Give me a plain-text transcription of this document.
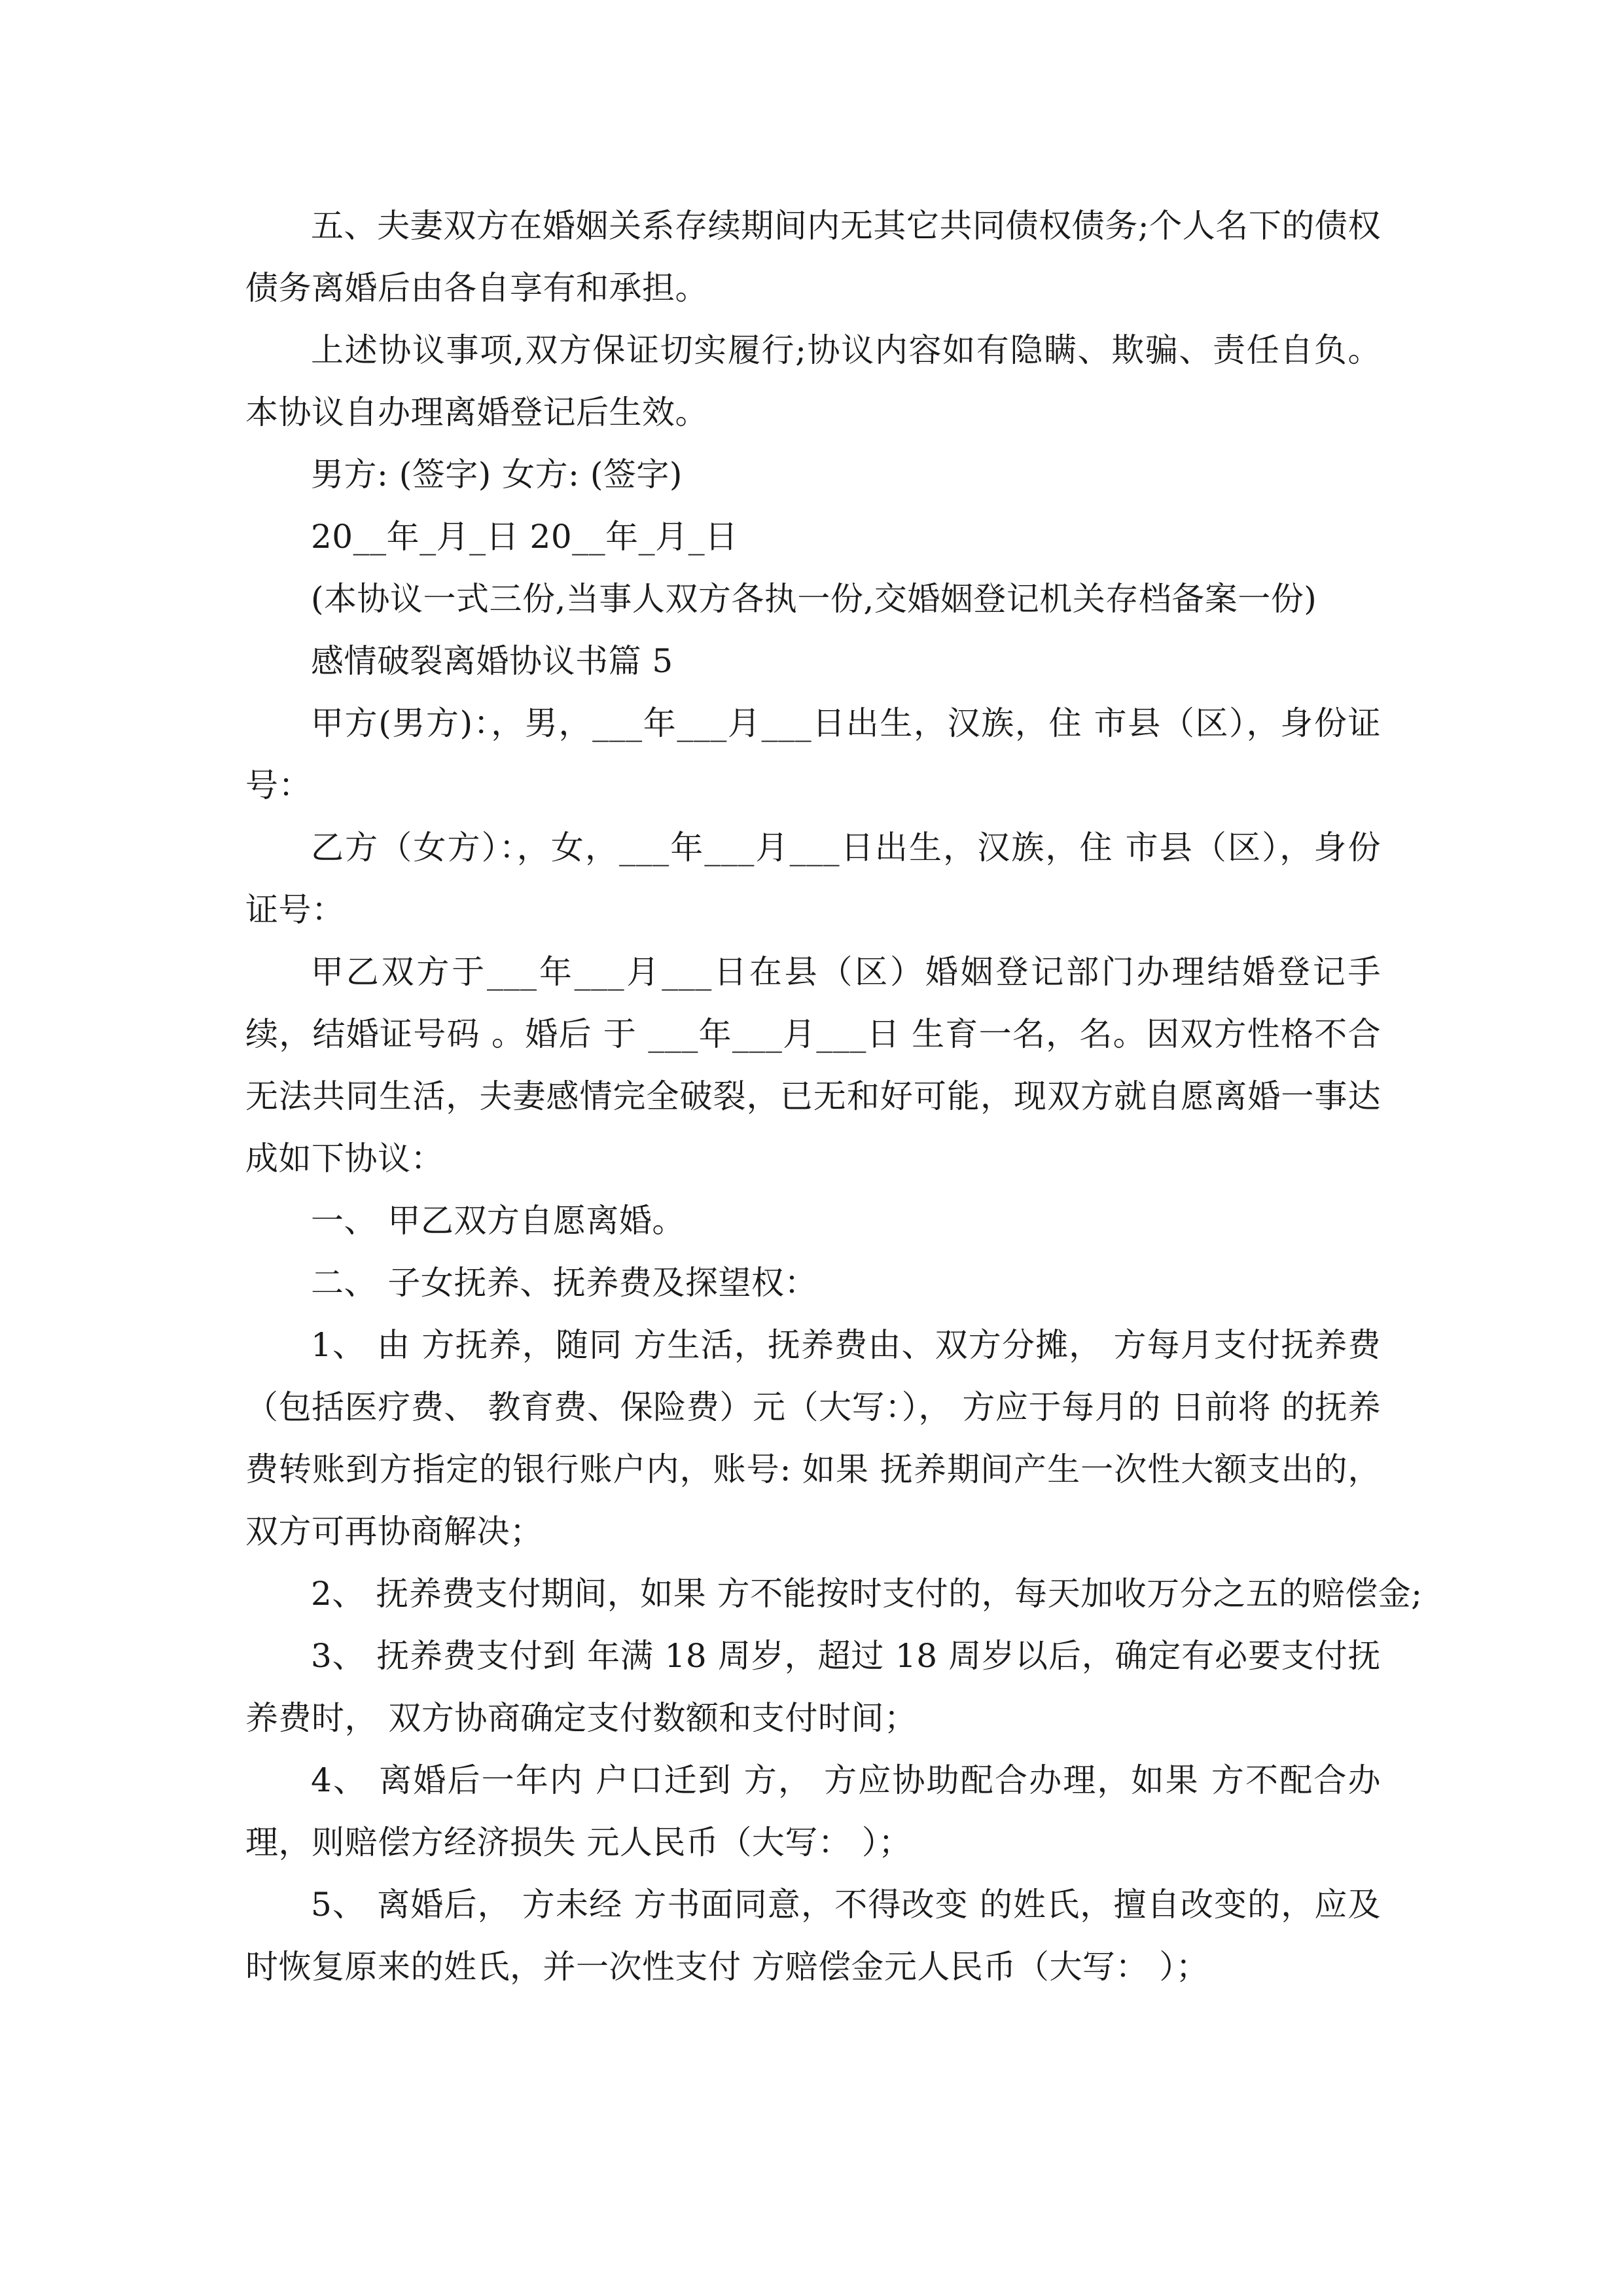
五、夫妻双方在婚姻关系存续期间内无其它共同债权债务;个人名下的债权债务离婚后由各自享有和承担。

上述协议事项,双方保证切实履行;协议内容如有隐瞒、欺骗、责任自负。本协议自办理离婚登记后生效。

男方: (签字) 女方: (签字)

20__年_月_日 20__年_月_日

(本协议一式三份,当事人双方各执一份,交婚姻登记机关存档备案一份)

感情破裂离婚协议书篇 5

甲方(男方)：，男，___年___月___日出生，汉族，住 市县（区），身份证号：

乙方（女方）：，女，___年___月___日出生，汉族，住 市县（区），身份证号：

甲乙双方于___年___月___日在县（区）婚姻登记部门办理结婚登记手续，结婚证号码 。婚后 于 ___年___月___日 生育一名，名。因双方性格不合无法共同生活，夫妻感情完全破裂，已无和好可能，现双方就自愿离婚一事达成如下协议：

一、 甲乙双方自愿离婚。

二、 子女抚养、抚养费及探望权：

1、 由 方抚养，随同 方生活，抚养费由、双方分摊， 方每月支付抚养费（包括医疗费、 教育费、保险费）元（大写：）， 方应于每月的 日前将 的抚养费转账到方指定的银行账户内，账号: 如果 抚养期间产生一次性大额支出的，双方可再协商解决；

2、 抚养费支付期间，如果 方不能按时支付的，每天加收万分之五的赔偿金;

3、 抚养费支付到 年满 18 周岁，超过 18 周岁以后，确定有必要支付抚养费时， 双方协商确定支付数额和支付时间；

4、 离婚后一年内 户口迁到 方， 方应协助配合办理，如果 方不配合办理，则赔偿方经济损失 元人民币（大写： ）；

5、 离婚后， 方未经 方书面同意，不得改变 的姓氏，擅自改变的，应及时恢复原来的姓氏，并一次性支付 方赔偿金元人民币（大写： ）；
